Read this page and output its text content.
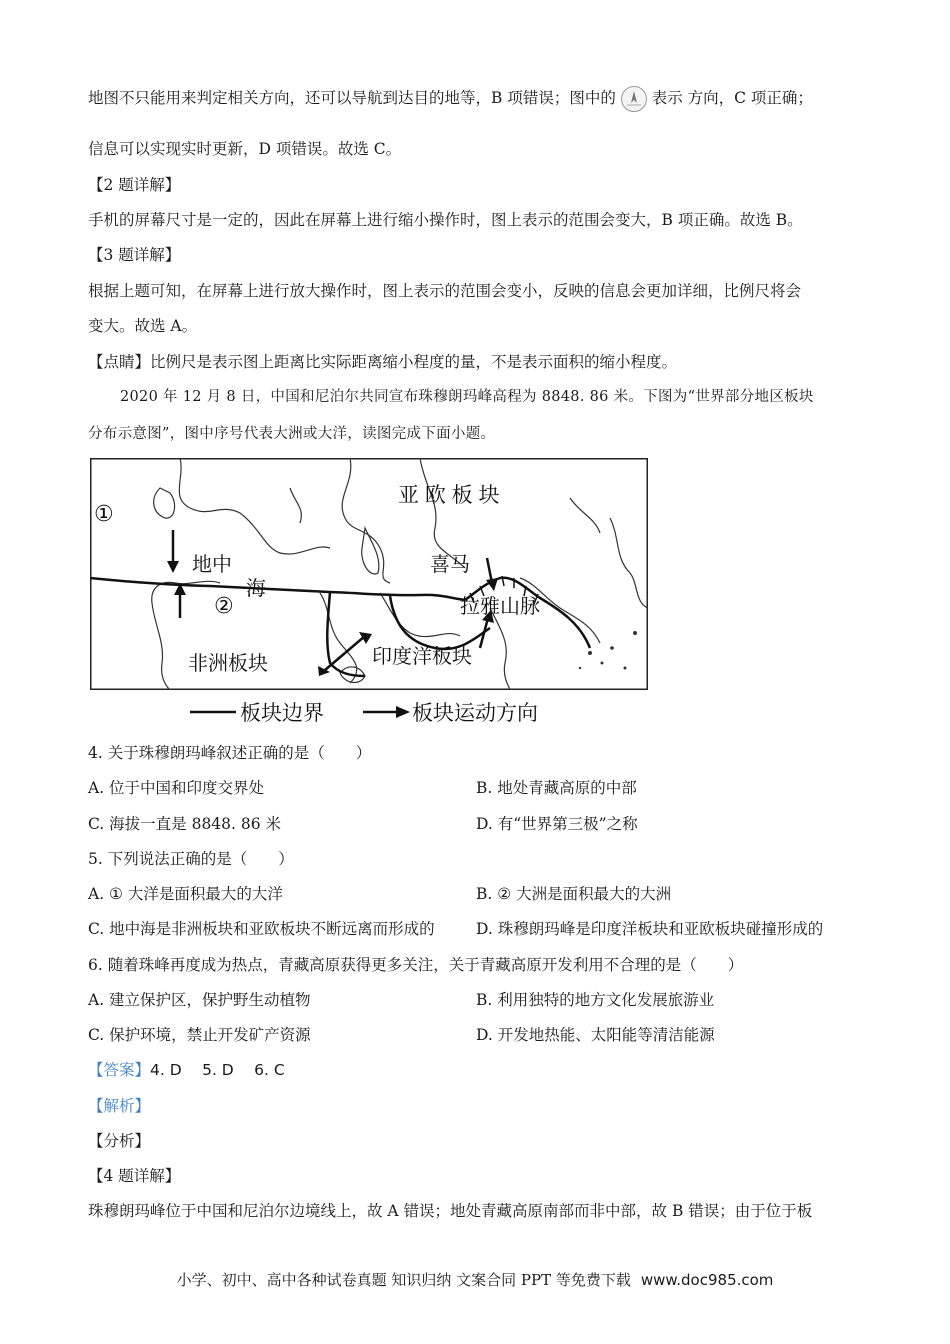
地图不只能用来判定相关方向，还可以导航到达目的地等，B 项错误；图中的 表示 方向，C 项正确；
信息可以实现实时更新，D 项错误。故选 C。
【2 题详解】
手机的屏幕尺寸是一定的，因此在屏幕上进行缩小操作时，图上表示的范围会变大，B 项正确。故选 B。
【3 题详解】
根据上题可知，在屏幕上进行放大操作时，图上表示的范围会变小，反映的信息会更加详细，比例尺将会
变大。故选 A。
【点睛】比例尺是表示图上距离比实际距离缩小程度的量，不是表示面积的缩小程度。
2020 年 12 月 8 日，中国和尼泊尔共同宣布珠穆朗玛峰高程为 8848. 86 米。下图为“世界部分地区板块
分布示意图”，图中序号代表大洲或大洋，读图完成下面小题。
亚 欧 板 块
①
②
地中
海
喜马
拉雅山脉
非洲板块	印度洋板块
板块边界	板块运动方向
4. 关于珠穆朗玛峰叙述正确的是（　　）
A. 位于中国和印度交界处	B. 地处青藏高原的中部
C. 海拔一直是 8848. 86 米	D. 有“世界第三极”之称
5. 下列说法正确的是（　　）
A. ① 大洋是面积最大的大洋	B. ② 大洲是面积最大的大洲
C. 地中海是非洲板块和亚欧板块不断远离而形成的	D. 珠穆朗玛峰是印度洋板块和亚欧板块碰撞形成的
6. 随着珠峰再度成为热点，青藏高原获得更多关注，关于青藏高原开发利用不合理的是（　　）
A. 建立保护区，保护野生动植物	B. 利用独特的地方文化发展旅游业
C. 保护环境，禁止开发矿产资源	D. 开发地热能、太阳能等清洁能源
【答案】4. D　 5. D　 6. C
【解析】
【分析】
【4 题详解】
珠穆朗玛峰位于中国和尼泊尔边境线上，故 A 错误；地处青藏高原南部而非中部，故 B 错误；由于位于板
小学、初中、高中各种试卷真题 知识归纳 文案合同 PPT 等免费下载 www.doc985.com
